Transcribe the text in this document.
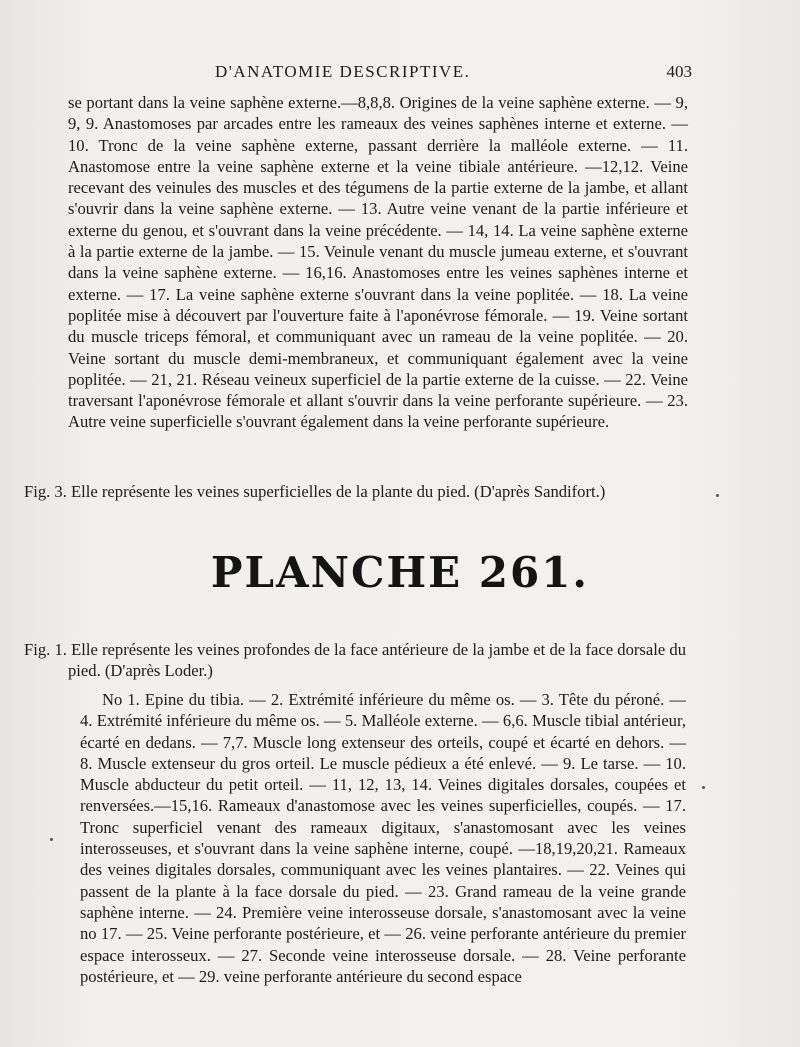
D'ANATOMIE DESCRIPTIVE.	403

se portant dans la veine saphène externe.—8,8,8. Origines de la veine saphène externe. — 9, 9, 9. Anastomoses par arcades entre les rameaux des veines saphènes interne et externe. — 10. Tronc de la veine saphène externe, passant derrière la malléole externe. — 11. Anastomose entre la veine saphène externe et la veine tibiale antérieure. —12,12. Veine recevant des veinules des muscles et des tégumens de la partie externe de la jambe, et allant s'ouvrir dans la veine saphène externe. — 13. Autre veine venant de la partie inférieure et externe du genou, et s'ouvrant dans la veine précédente. — 14, 14. La veine saphène externe à la partie externe de la jambe. — 15. Veinule venant du muscle jumeau externe, et s'ouvrant dans la veine saphène externe. — 16,16. Anastomoses entre les veines saphènes interne et externe. — 17. La veine saphène externe s'ouvrant dans la veine poplitée. — 18. La veine poplitée mise à découvert par l'ouverture faite à l'aponévrose fémorale. — 19. Veine sortant du muscle triceps fémoral, et communiquant avec un rameau de la veine poplitée. — 20. Veine sortant du muscle demi-membraneux, et communiquant également avec la veine poplitée. — 21, 21. Réseau veineux superficiel de la partie externe de la cuisse. — 22. Veine traversant l'aponévrose fémorale et allant s'ouvrir dans la veine perforante supérieure. — 23. Autre veine superficielle s'ouvrant également dans la veine perforante supérieure.

Fig. 3. Elle représente les veines superficielles de la plante du pied. (D'après Sandifort.)

PLANCHE 261.

Fig. 1. Elle représente les veines profondes de la face antérieure de la jambe et de la face dorsale du pied. (D'après Loder.)

No 1. Epine du tibia. — 2. Extrémité inférieure du même os. — 3. Tête du péroné. — 4. Extrémité inférieure du même os. — 5. Malléole externe. — 6,6. Muscle tibial antérieur, écarté en dedans. — 7,7. Muscle long extenseur des orteils, coupé et écarté en dehors. — 8. Muscle extenseur du gros orteil. Le muscle pédieux a été enlevé. — 9. Le tarse. — 10. Muscle abducteur du petit orteil. — 11, 12, 13, 14. Veines digitales dorsales, coupées et renversées.—15,16. Rameaux d'anastomose avec les veines superficielles, coupés. — 17. Tronc superficiel venant des rameaux digitaux, s'anastomosant avec les veines interosseuses, et s'ouvrant dans la veine saphène interne, coupé. —18,19,20,21. Rameaux des veines digitales dorsales, communiquant avec les veines plantaires. — 22. Veines qui passent de la plante à la face dorsale du pied. — 23. Grand rameau de la veine grande saphène interne. — 24. Première veine interosseuse dorsale, s'anastomosant avec la veine no 17. — 25. Veine perforante postérieure, et — 26. veine perforante antérieure du premier espace interosseux. — 27. Seconde veine interosseuse dorsale. — 28. Veine perforante postérieure, et — 29. veine perforante antérieure du second espace
